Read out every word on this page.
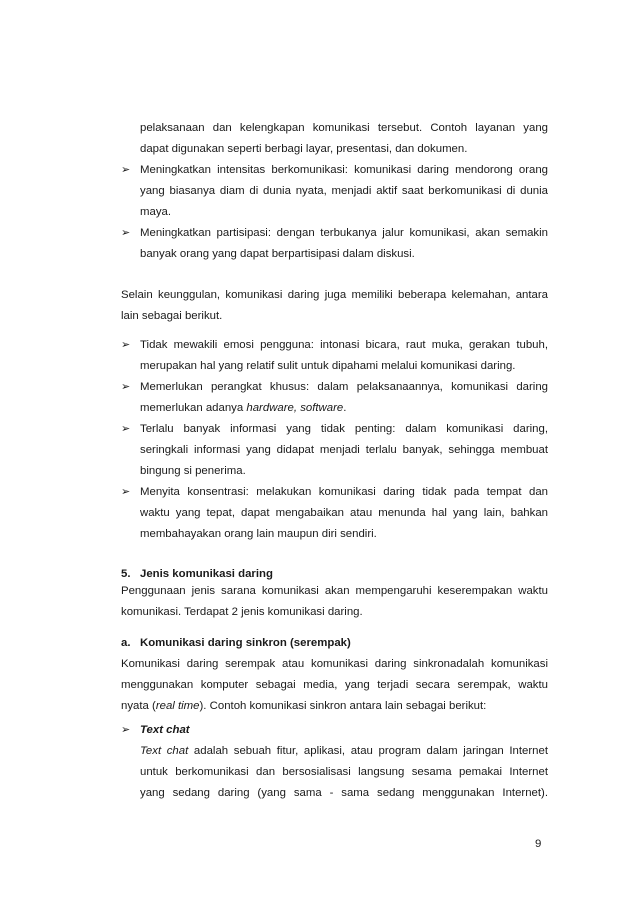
pelaksanaan dan kelengkapan komunikasi tersebut. Contoh layanan yang
dapat digunakan seperti berbagi layar, presentasi, dan dokumen.
➢ Meningkatkan intensitas berkomunikasi: komunikasi daring mendorong orang
yang biasanya diam di dunia nyata, menjadi aktif saat berkomunikasi di dunia
maya.
➢ Meningkatkan partisipasi: dengan terbukanya jalur komunikasi, akan semakin
banyak orang yang dapat berpartisipasi dalam diskusi.
Selain keunggulan, komunikasi daring juga memiliki beberapa kelemahan, antara
lain sebagai berikut.
➢ Tidak mewakili emosi pengguna: intonasi bicara, raut muka, gerakan tubuh,
merupakan hal yang relatif sulit untuk dipahami melalui komunikasi daring.
➢ Memerlukan perangkat khusus: dalam pelaksanaannya, komunikasi daring
memerlukan adanya hardware, software.
➢ Terlalu banyak informasi yang tidak penting: dalam komunikasi daring,
seringkali informasi yang didapat menjadi terlalu banyak, sehingga membuat
bingung si penerima.
➢ Menyita konsentrasi: melakukan komunikasi daring tidak pada tempat dan
waktu yang tepat, dapat mengabaikan atau menunda hal yang lain, bahkan
membahayakan orang lain maupun diri sendiri.
5.   Jenis komunikasi daring
Penggunaan jenis sarana komunikasi akan mempengaruhi keserempakan waktu
komunikasi. Terdapat 2 jenis komunikasi daring.
a.   Komunikasi daring sinkron (serempak)
Komunikasi daring serempak atau komunikasi daring sinkronadalah komunikasi
menggunakan komputer sebagai media, yang terjadi secara serempak, waktu
nyata (real time). Contoh komunikasi sinkron antara lain sebagai berikut:
➢ Text chat
Text chat adalah sebuah fitur, aplikasi, atau program dalam jaringan Internet
untuk berkomunikasi dan bersosialisasi langsung sesama pemakai Internet
yang sedang daring (yang sama - sama sedang menggunakan Internet).
9
